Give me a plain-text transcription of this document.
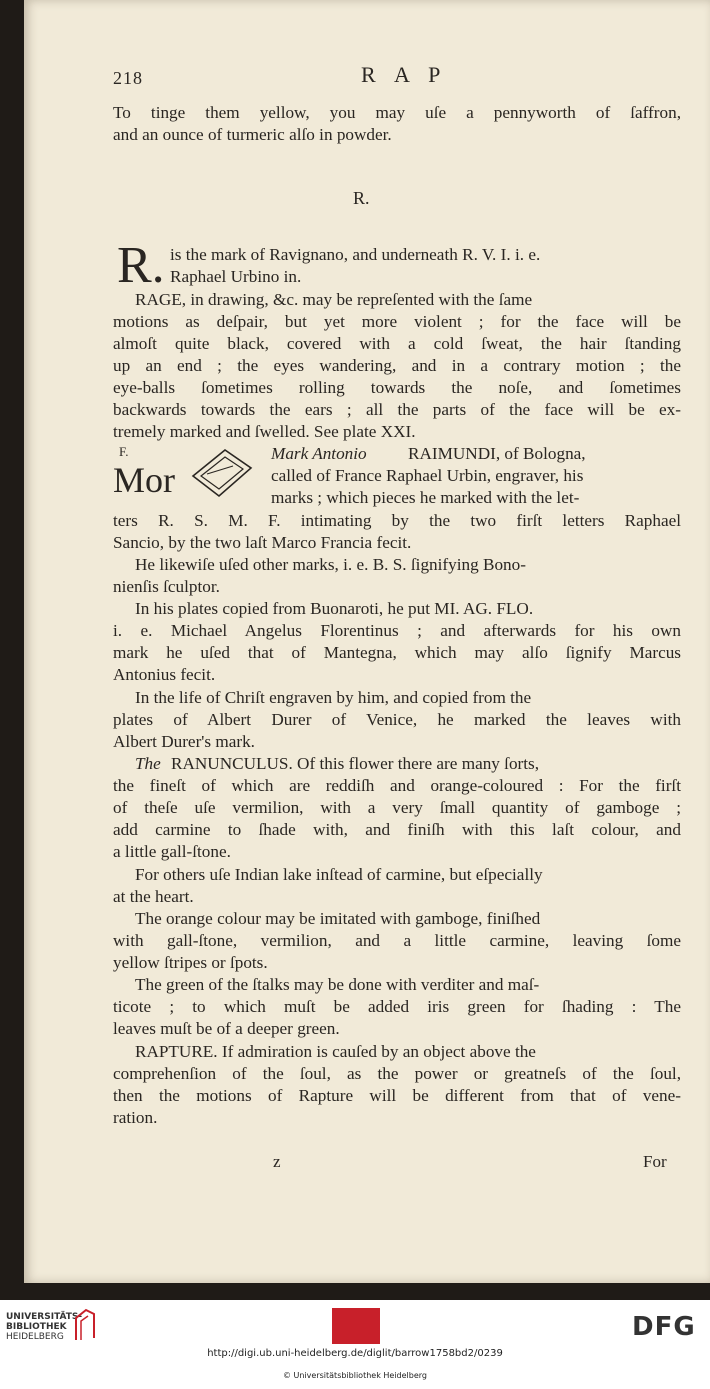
218	R A P
R.
R.
Mark Antonio
The
F.
Mor
z	For
To tinge them yellow, you may uſe a pennyworth of ſaffron,
and an ounce of turmeric alſo in powder.
is the mark of Ravignano, and underneath R. V. I. i. e.
Raphael Urbino in.
RAGE, in drawing, &c. may be repreſented with the ſame
motions as deſpair, but yet more violent ; for the face will be
almoſt quite black, covered with a cold ſweat, the hair ſtanding
up an end ; the eyes wandering, and in a contrary motion ; the
eye-balls ſometimes rolling towards the noſe, and ſometimes
backwards towards the ears ; all the parts of the face will be ex-
tremely marked and ſwelled. See plate XXI.
RAIMUNDI, of Bologna,
called of France Raphael Urbin, engraver, his
marks ; which pieces he marked with the let-
ters R. S. M. F. intimating by the two firſt letters Raphael
Sancio, by the two laſt Marco Francia fecit.
He likewiſe uſed other marks, i. e. B. S. ſignifying Bono-
nienſis ſculptor.
In his plates copied from Buonaroti, he put MI. AG. FLO.
i. e. Michael Angelus Florentinus ; and afterwards for his own
mark he uſed that of Mantegna, which may alſo ſignify Marcus
Antonius fecit.
In the life of Chriſt engraven by him, and copied from the
plates of Albert Durer of Venice, he marked the leaves with
Albert Durer's mark.
RANUNCULUS. Of this flower there are many ſorts,
the fineſt of which are reddiſh and orange-coloured : For the firſt
of theſe uſe vermilion, with a very ſmall quantity of gamboge ;
add carmine to ſhade with, and finiſh with this laſt colour, and
a little gall-ſtone.
For others uſe Indian lake inſtead of carmine, but eſpecially
at the heart.
The orange colour may be imitated with gamboge, finiſhed
with gall-ſtone, vermilion, and a little carmine, leaving ſome
yellow ſtripes or ſpots.
The green of the ſtalks may be done with verditer and maſ-
ticote ; to which muſt be added iris green for ſhading : The
leaves muſt be of a deeper green.
RAPTURE. If admiration is cauſed by an object above the
comprehenſion of the ſoul, as the power or greatneſs of the ſoul,
then the motions of Rapture will be different from that of vene-
ration.
UNIVERSITÄTS-
BIBLIOTHEK
HEIDELBERG	DFG
http://digi.ub.uni-heidelberg.de/diglit/barrow1758bd2/0239
© Universitätsbibliothek Heidelberg
